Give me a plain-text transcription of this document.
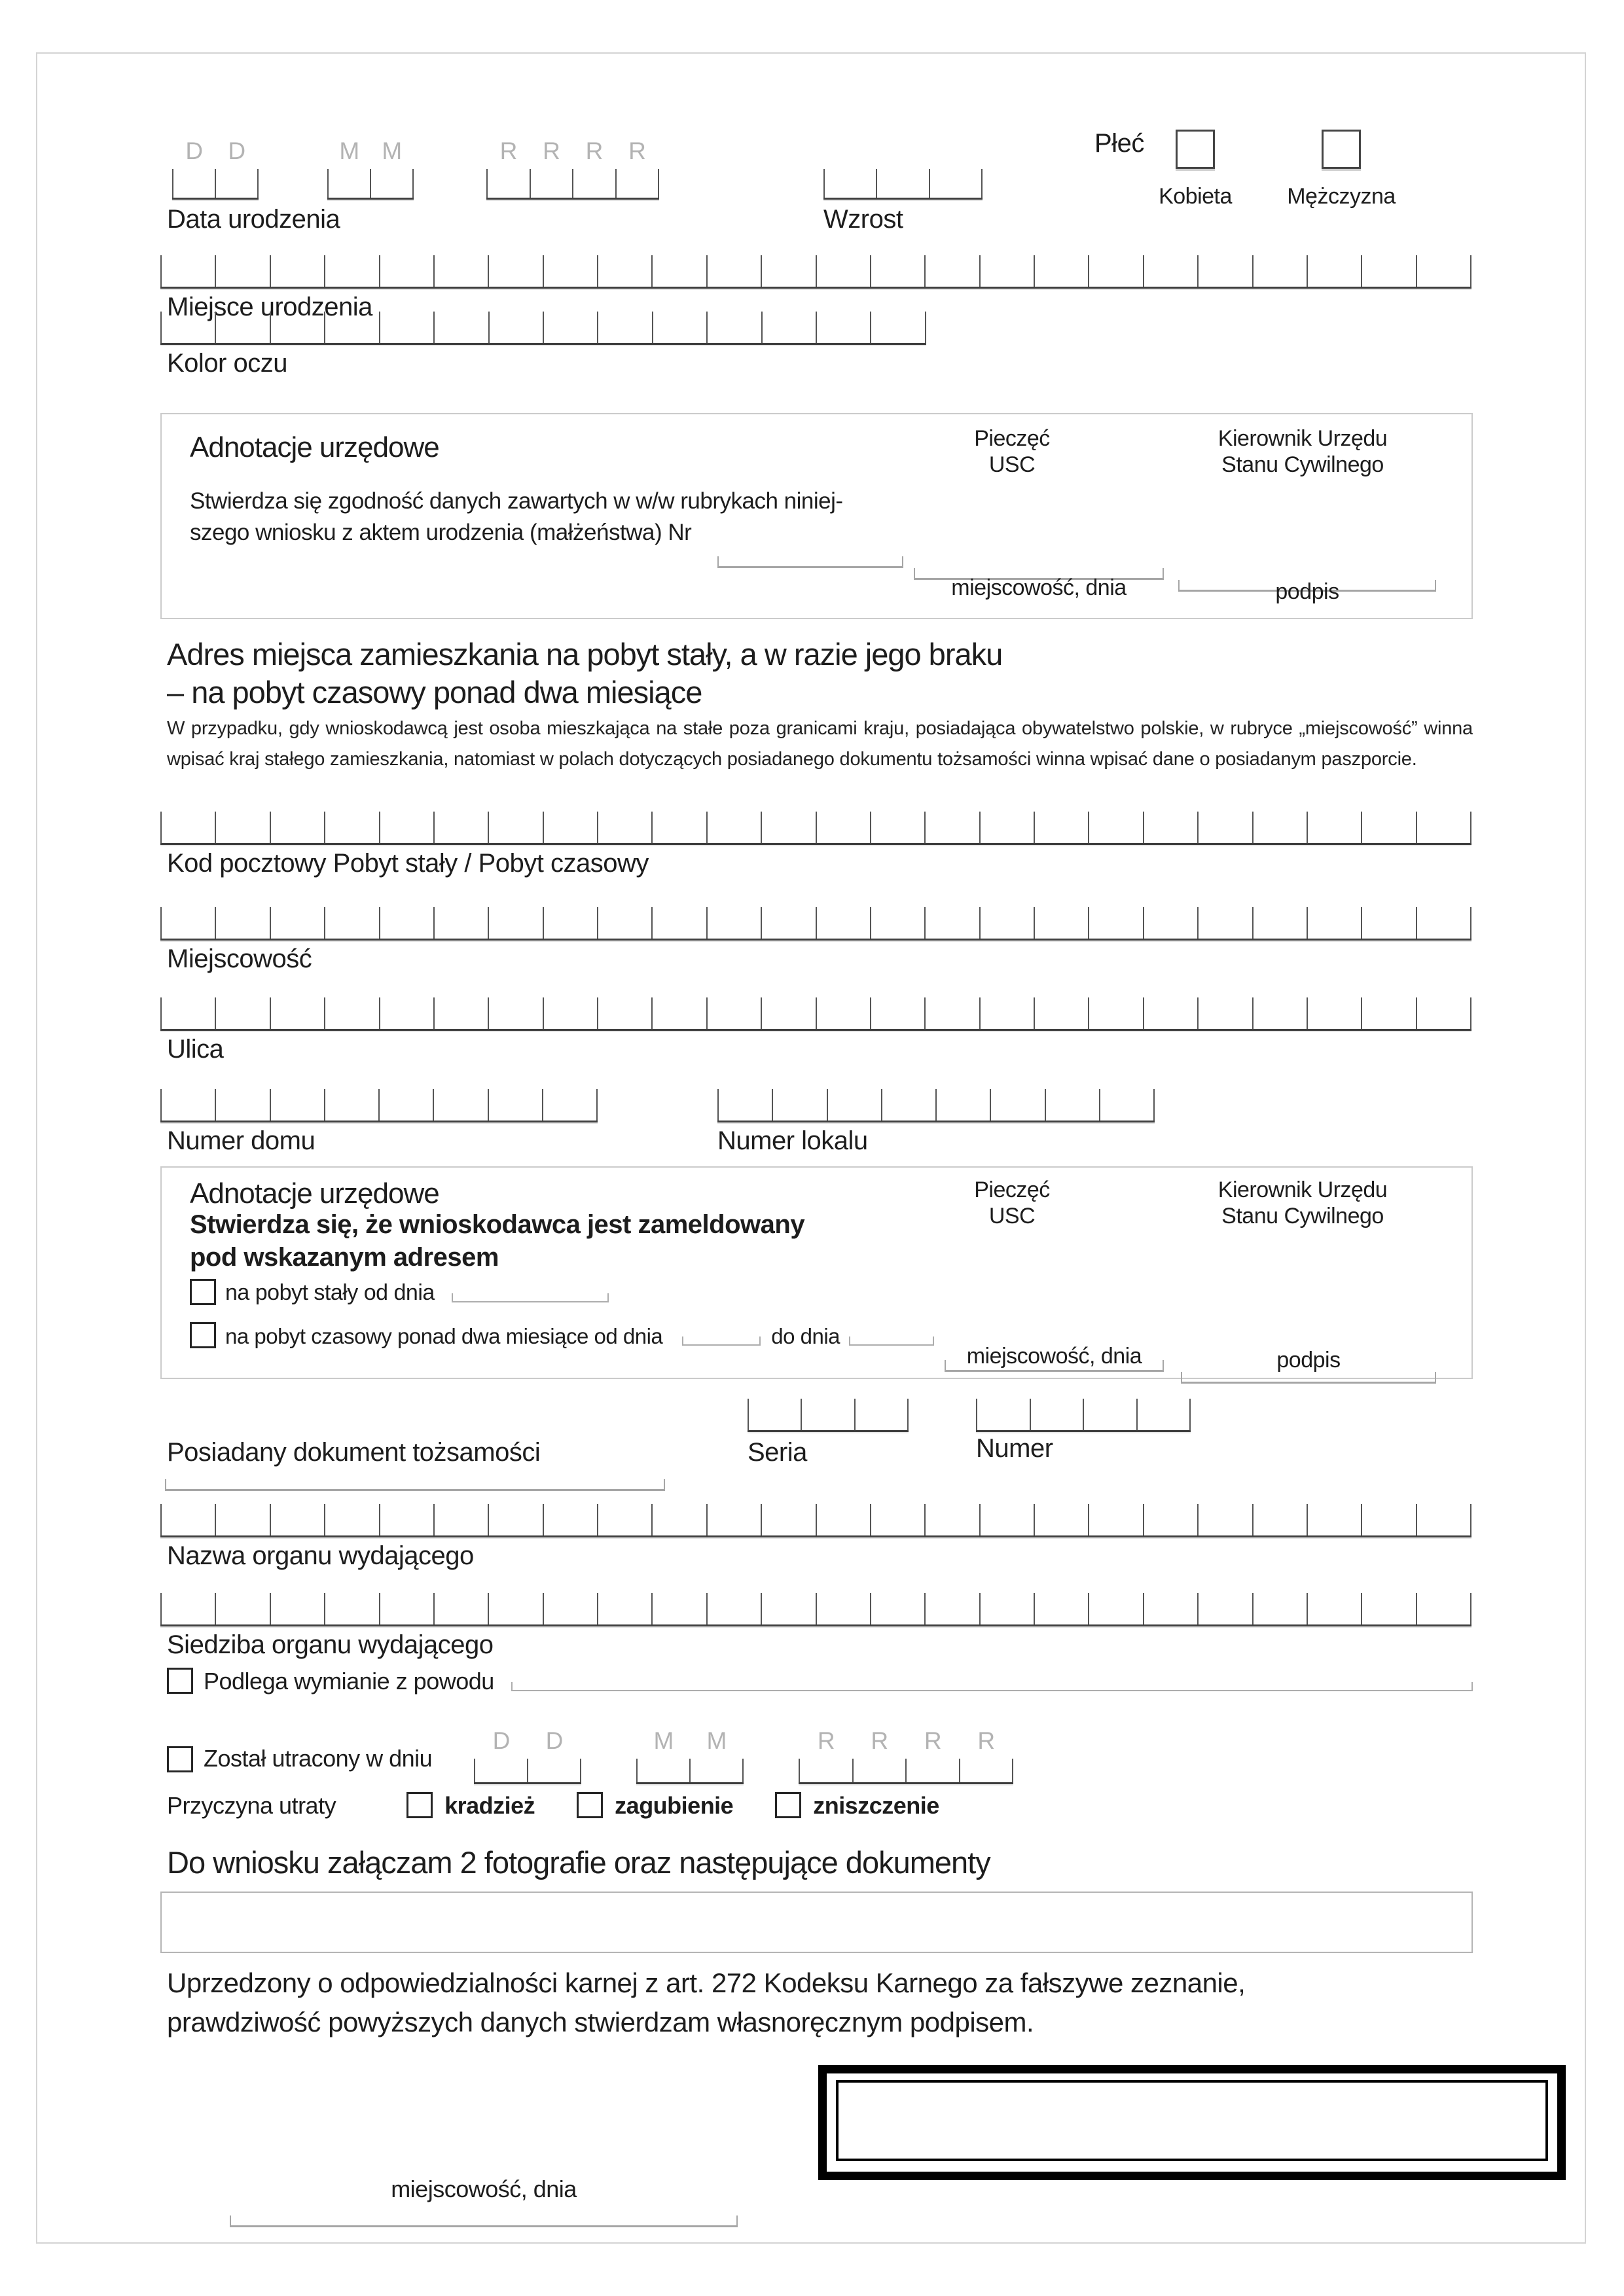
D	D	M M	R	R	R	R
Data urodzenia	Wzrost
Płeć
Kobieta	Mężczyzna
Miejsce urodzenia
Kolor oczu
Adnotacje urzędowe
Stwierdza się zgodność danych zawartych w w/w rubrykach niniej-
szego wniosku z aktem urodzenia (małżeństwa) Nr
Pieczęć
USC
Kierownik Urzędu
Stanu Cywilnego
miejscowość, dnia	podpis
Adres miejsca zamieszkania na pobyt stały, a w razie jego braku
– na pobyt czasowy ponad dwa miesiące
W przypadku, gdy wnioskodawcą jest osoba mieszkająca na stałe poza granicami kraju, posiadająca obywatelstwo polskie, w rubryce „miejscowość” winna wpisać kraj stałego zamieszkania, natomiast w polach dotyczących posiadanego dokumentu tożsamości winna wpisać dane o posiadanym paszporcie.
Kod pocztowy Pobyt stały / Pobyt czasowy
Miejscowość
Ulica
Numer domu	Numer lokalu
Adnotacje urzędowe
Stwierdza się, że wnioskodawca jest zameldowany
pod wskazanym adresem
Pieczęć
USC
Kierownik Urzędu
Stanu Cywilnego
na pobyt stały od dnia
na pobyt czasowy ponad dwa miesiące od dnia	do dnia
miejscowość, dnia	podpis
Posiadany dokument tożsamości	Seria	Numer
Nazwa organu wydającego
Siedziba organu wydającego
Podlega wymianie z powodu
Został utracony w dniu
D	D	M	M	R	R	R	R
Przyczyna utraty	kradzież	zagubienie	zniszczenie
Do wniosku załączam 2 fotografie oraz następujące dokumenty
Uprzedzony o odpowiedzialności karnej z art. 272 Kodeksu Karnego za fałszywe zeznanie,
prawdziwość powyższych danych stwierdzam własnoręcznym podpisem.
miejscowość, dnia
